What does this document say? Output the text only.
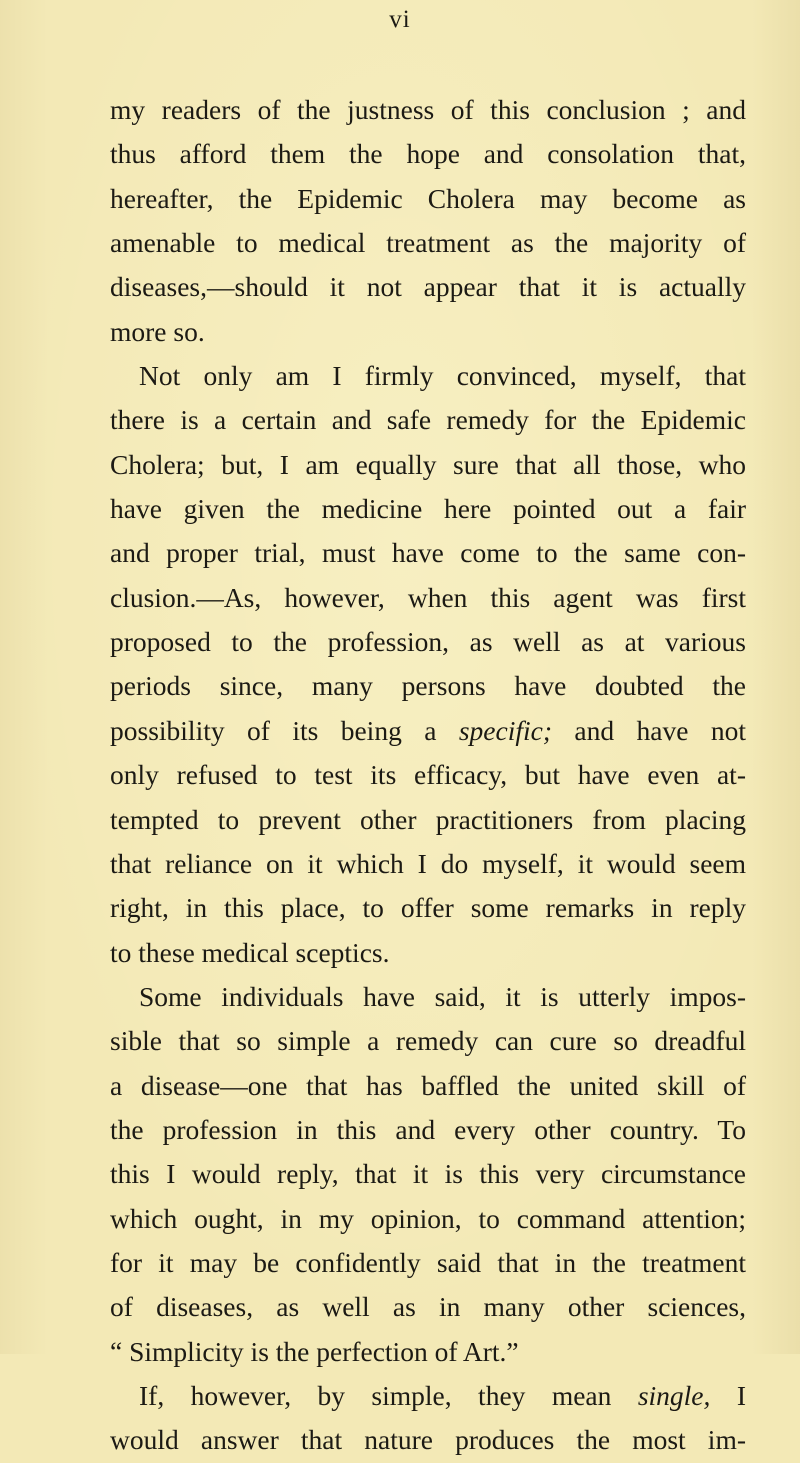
vi
my readers of the justness of this conclusion ; and
thus afford them the hope and consolation that,
hereafter, the Epidemic Cholera may become as
amenable to medical treatment as the majority of
diseases,—should it not appear that it is actually
more so.
Not only am I firmly convinced, myself, that
there is a certain and safe remedy for the Epidemic
Cholera; but, I am equally sure that all those, who
have given the medicine here pointed out a fair
and proper trial, must have come to the same con-
clusion.—As, however, when this agent was first
proposed to the profession, as well as at various
periods since, many persons have doubted the
possibility of its being a specific; and have not
only refused to test its efficacy, but have even at-
tempted to prevent other practitioners from placing
that reliance on it which I do myself, it would seem
right, in this place, to offer some remarks in reply
to these medical sceptics.
Some individuals have said, it is utterly impos-
sible that so simple a remedy can cure so dreadful
a disease—one that has baffled the united skill of
the profession in this and every other country. To
this I would reply, that it is this very circumstance
which ought, in my opinion, to command attention;
for it may be confidently said that in the treatment
of diseases, as well as in many other sciences,
“ Simplicity is the perfection of Art.”
If, however, by simple, they mean single, I
would answer that nature produces the most im-
